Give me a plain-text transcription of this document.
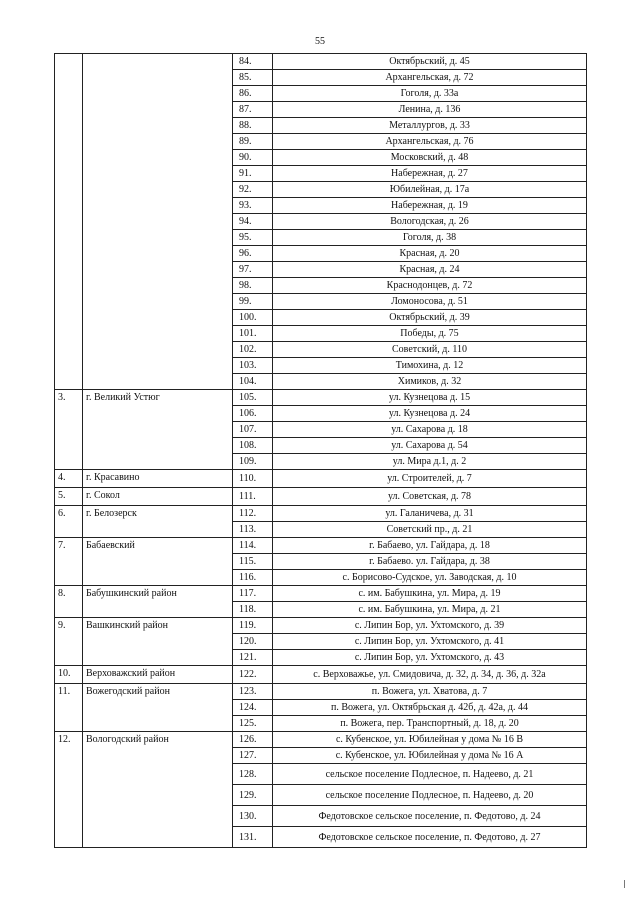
55
		84.	Октябрьский, д. 45
		85.	Архангельская, д. 72
		86.	Гоголя, д. 33а
		87.	Ленина, д. 136
		88.	Металлургов, д. 33
		89.	Архангельская, д. 76
		90.	Московский, д. 48
		91.	Набережная, д. 27
		92.	Юбилейная, д. 17а
		93.	Набережная, д. 19
		94.	Вологодская, д. 26
		95.	Гоголя, д. 38
		96.	Красная, д. 20
		97.	Красная, д. 24
		98.	Краснодонцев, д. 72
		99.	Ломоносова, д. 51
		100.	Октябрьский, д. 39
		101.	Победы, д. 75
		102.	Советский, д. 110
		103.	Тимохина, д. 12
		104.	Химиков, д. 32
3.	г. Великий Устюг	105.	ул. Кузнецова д. 15
		106.	ул. Кузнецова д. 24
		107.	ул. Сахарова д. 18
		108.	ул. Сахарова д. 54
		109.	ул. Мира д.1, д. 2
4.	г. Красавино	110.	ул. Строителей, д. 7
5.	г. Сокол	111.	ул. Советская, д. 78
6.	г. Белозерск	112.	ул. Галаничева, д. 31
		113.	Советский пр., д. 21
7.	Бабаевский	114.	г. Бабаево, ул. Гайдара, д. 18
		115.	г. Бабаево. ул. Гайдара, д. 38
		116.	с. Борисово-Судское, ул. Заводская, д. 10
8.	Бабушкинский район	117.	с. им. Бабушкина, ул. Мира, д. 19
		118.	с. им. Бабушкина, ул. Мира, д. 21
9.	Вашкинский район	119.	с. Липин Бор, ул. Ухтомского, д. 39
		120.	с. Липин Бор, ул. Ухтомского, д. 41
		121.	с. Липин Бор, ул. Ухтомского, д. 43
10.	Верховажский район	122.	с. Верховажье, ул. Смидовича, д. 32, д. 34, д. 36, д. 32а
11.	Вожегодский район	123.	п. Вожега, ул. Хватова, д. 7
		124.	п. Вожега, ул. Октябрьская д. 42б, д. 42а, д. 44
		125.	п. Вожега, пер. Транспортный, д. 18, д. 20
12.	Вологодский район	126.	с. Кубенское, ул. Юбилейная у дома № 16 В
		127.	с. Кубенское, ул. Юбилейная у дома № 16 А
		128.	сельское поселение Подлесное, п. Надеево, д. 21
		129.	сельское поселение Подлесное, п. Надеево, д. 20
		130.	Федотовское сельское поселение, п. Федотово, д. 24
		131.	Федотовское сельское поселение, п. Федотово, д. 27
